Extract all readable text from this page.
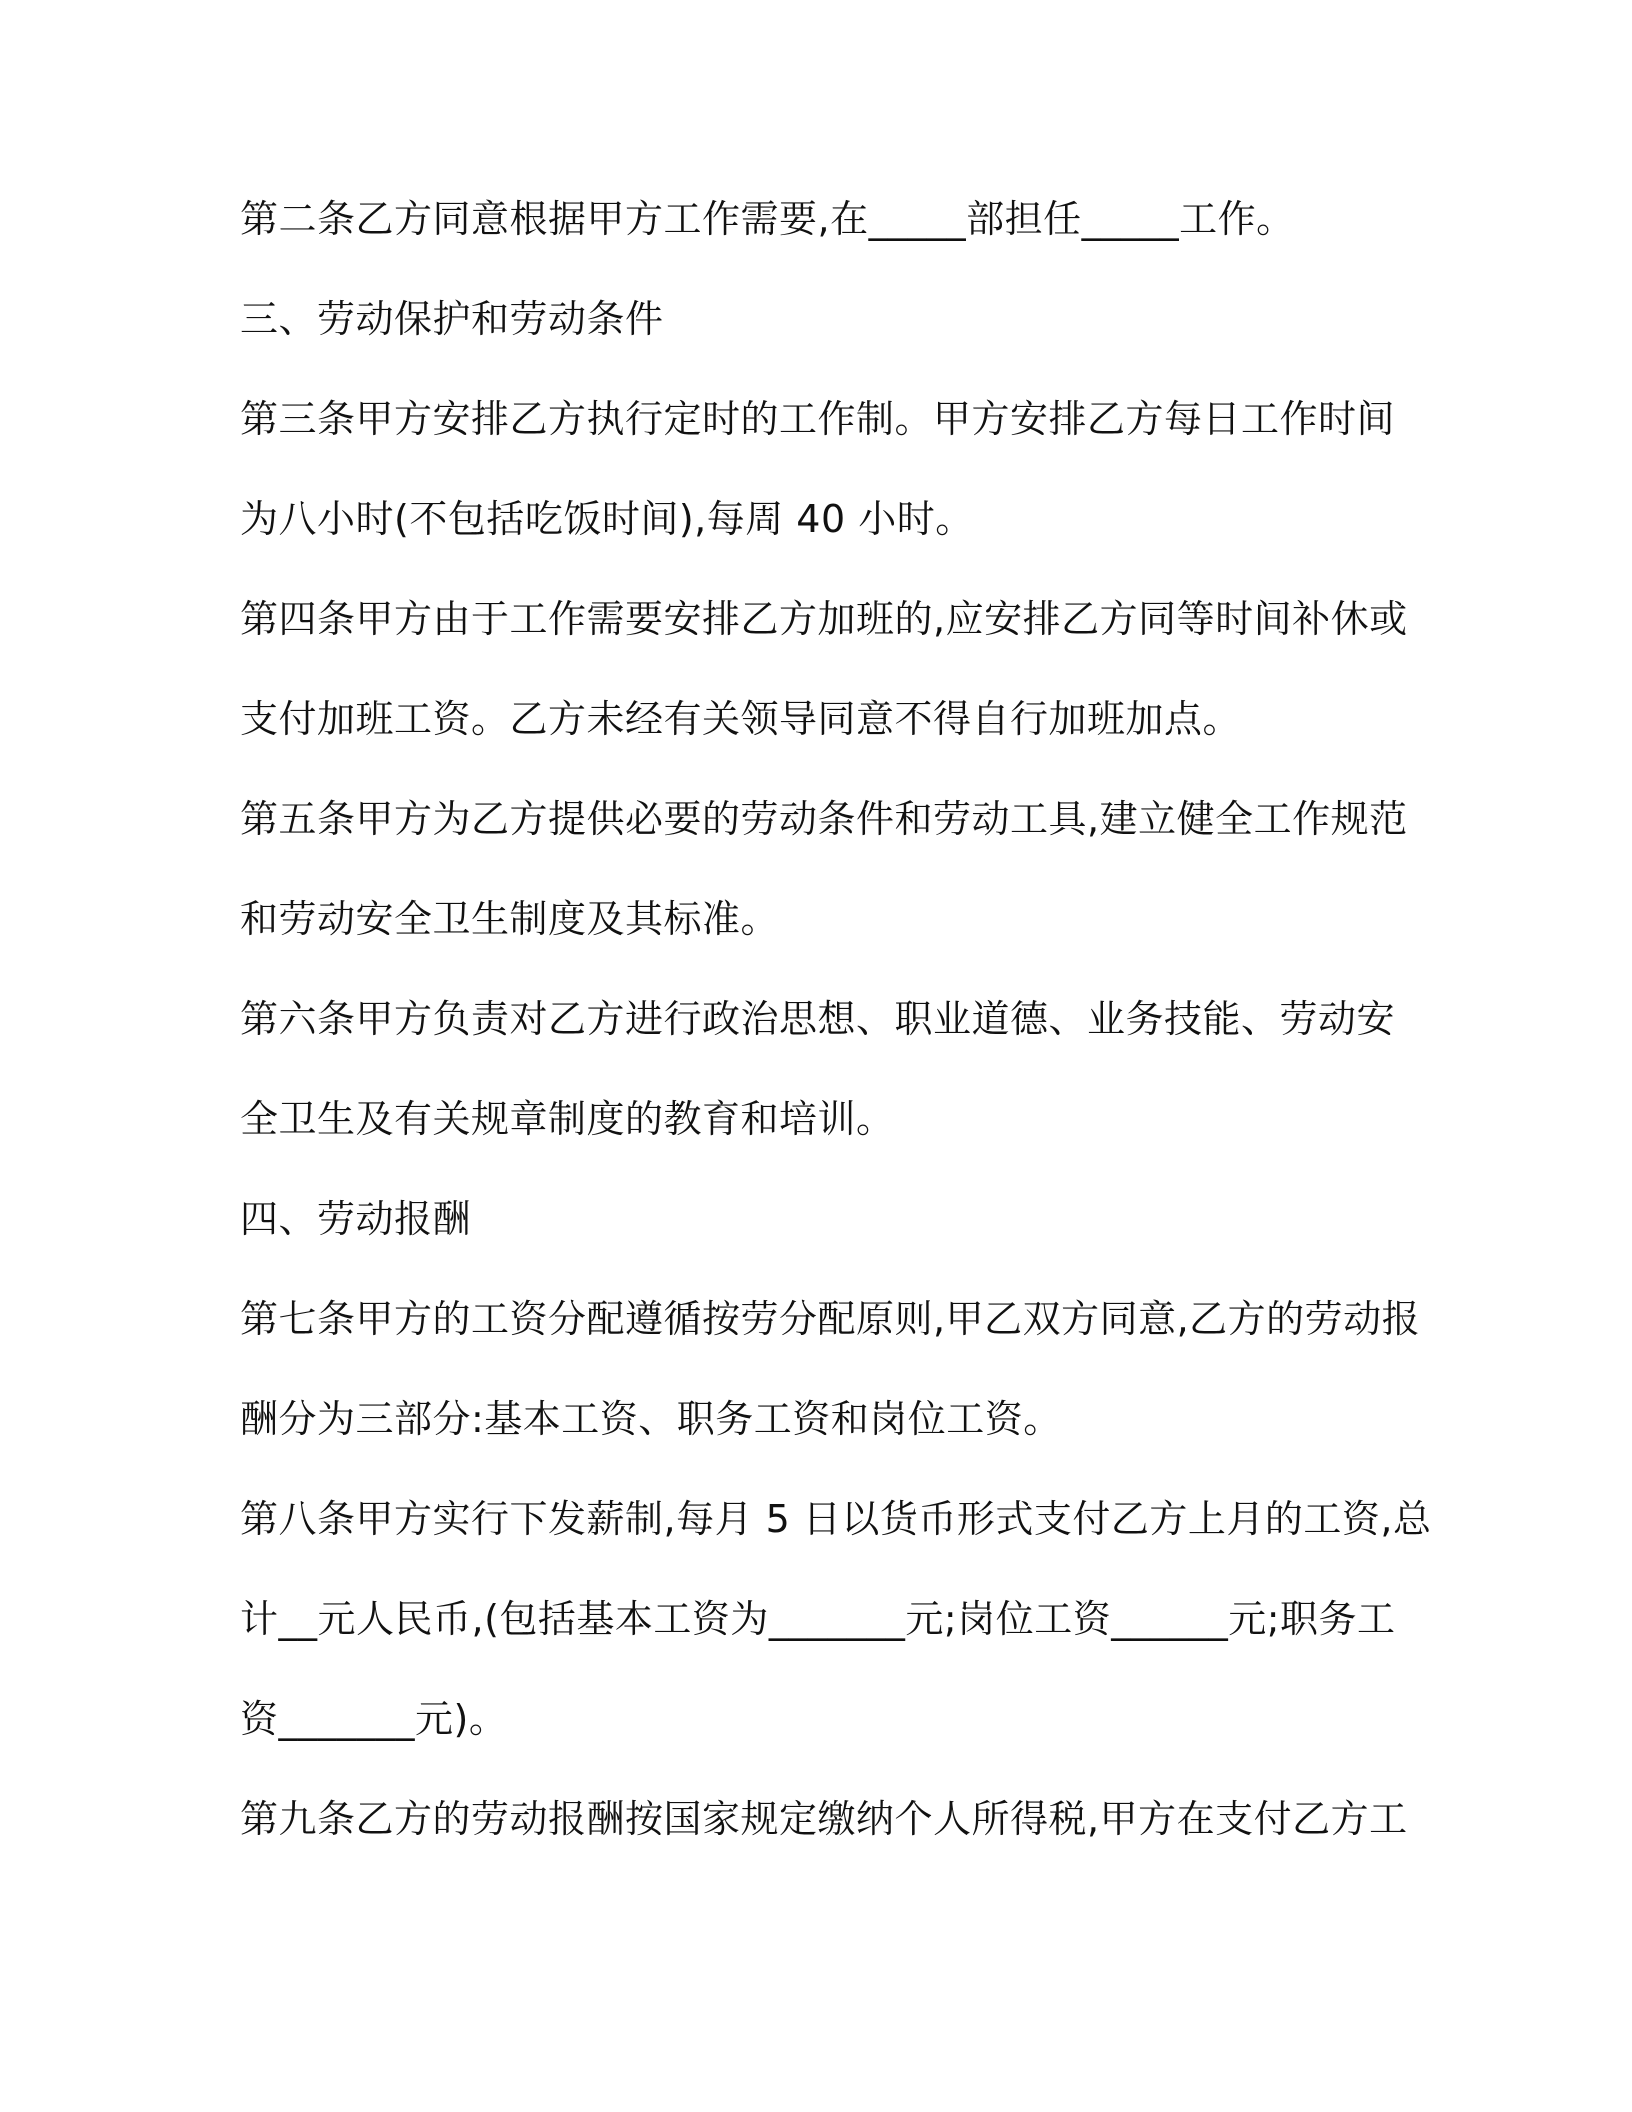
第二条乙方同意根据甲方工作需要,在_____部担任_____工作。
三、劳动保护和劳动条件
第三条甲方安排乙方执行定时的工作制。甲方安排乙方每日工作时间
为八小时(不包括吃饭时间),每周 40 小时。
第四条甲方由于工作需要安排乙方加班的,应安排乙方同等时间补休或
支付加班工资。乙方未经有关领导同意不得自行加班加点。
第五条甲方为乙方提供必要的劳动条件和劳动工具,建立健全工作规范
和劳动安全卫生制度及其标准。
第六条甲方负责对乙方进行政治思想、职业道德、业务技能、劳动安
全卫生及有关规章制度的教育和培训。
四、劳动报酬
第七条甲方的工资分配遵循按劳分配原则,甲乙双方同意,乙方的劳动报
酬分为三部分:基本工资、职务工资和岗位工资。
第八条甲方实行下发薪制,每月 5 日以货币形式支付乙方上月的工资,总
计__元人民币,(包括基本工资为_______元;岗位工资______元;职务工
资_______元)。
第九条乙方的劳动报酬按国家规定缴纳个人所得税,甲方在支付乙方工
